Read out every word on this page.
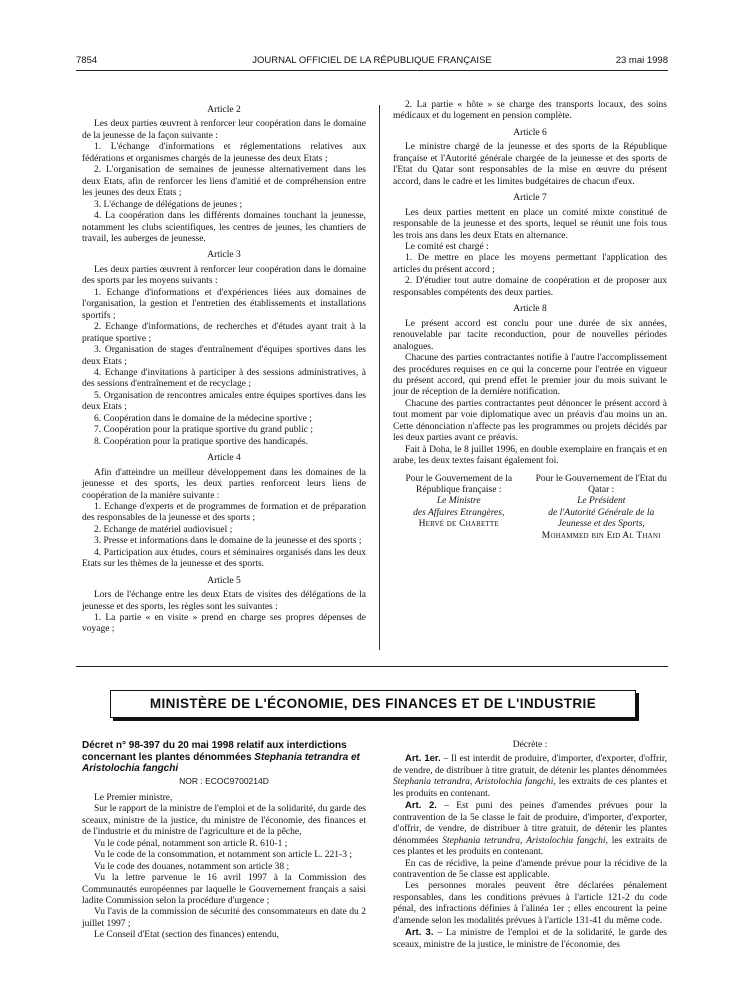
7854	JOURNAL OFFICIEL DE LA RÉPUBLIQUE FRANÇAISE	23 mai 1998

Article 2

Les deux parties œuvrent à renforcer leur coopération dans le domaine de la jeunesse de la façon suivante :

1. L'échange d'informations et réglementations relatives aux fédérations et organismes chargés de la jeunesse des deux Etats ;

2. L'organisation de semaines de jeunesse alternativement dans les deux Etats, afin de renforcer les liens d'amitié et de compréhension entre les jeunes des deux Etats ;

3. L'échange de délégations de jeunes ;

4. La coopération dans les différents domaines touchant la jeunesse, notamment les clubs scientifiques, les centres de jeunes, les chantiers de travail, les auberges de jeunesse.

Article 3

Les deux parties œuvrent à renforcer leur coopération dans le domaine des sports par les moyens suivants :

1. Echange d'informations et d'expériences liées aux domaines de l'organisation, la gestion et l'entretien des établissements et installations sportifs ;

2. Echange d'informations, de recherches et d'études ayant trait à la pratique sportive ;

3. Organisation de stages d'entraînement d'équipes sportives dans les deux Etats ;

4. Echange d'invitations à participer à des sessions administratives, à des sessions d'entraînement et de recyclage ;

5. Organisation de rencontres amicales entre équipes sportives dans les deux Etats ;

6. Coopération dans le domaine de la médecine sportive ;

7. Coopération pour la pratique sportive du grand public ;

8. Coopération pour la pratique sportive des handicapés.

Article 4

Afin d'atteindre un meilleur développement dans les domaines de la jeunesse et des sports, les deux parties renforcent leurs liens de coopération de la manière suivante :

1. Echange d'experts et de programmes de formation et de préparation des responsables de la jeunesse et des sports ;

2. Echange de matériel audiovisuel ;

3. Presse et informations dans le domaine de la jeunesse et des sports ;

4. Participation aux études, cours et séminaires organisés dans les deux Etats sur les thèmes de la jeunesse et des sports.

Article 5

Lors de l'échange entre les deux Etats de visites des délégations de la jeunesse et des sports, les règles sont les suivantes :

1. La partie « en visite » prend en charge ses propres dépenses de voyage ;

2. La partie « hôte » se charge des transports locaux, des soins médicaux et du logement en pension complète.

Article 6

Le ministre chargé de la jeunesse et des sports de la République française et l'Autorité générale chargée de la jeunesse et des sports de l'Etat du Qatar sont responsables de la mise en œuvre du présent accord, dans le cadre et les limites budgétaires de chacun d'eux.

Article 7

Les deux parties mettent en place un comité mixte constitué de responsable de la jeunesse et des sports, lequel se réunit une fois tous les trois ans dans les deux Etats en alternance.

Le comité est chargé :

1. De mettre en place les moyens permettant l'application des articles du présent accord ;

2. D'étudier tout autre domaine de coopération et de proposer aux responsables compétents des deux parties.

Article 8

Le présent accord est conclu pour une durée de six années, renouvelable par tacite reconduction, pour de nouvelles périodes analogues.

Chacune des parties contractantes notifie à l'autre l'accomplissement des procédures requises en ce qui la concerne pour l'entrée en vigueur du présent accord, qui prend effet le premier jour du mois suivant le jour de réception de la dernière notification.

Chacune des parties contractantes peut dénoncer le présent accord à tout moment par voie diplomatique avec un préavis d'au moins un an. Cette dénonciation n'affecte pas les programmes ou projets décidés par les deux parties avant ce préavis.

Fait à Doha, le 8 juillet 1996, en double exemplaire en français et en arabe, les deux textes faisant également foi.

Pour le Gouvernement de la République française :
Le Ministre
des Affaires Etrangères,
Hervé de Charette
Pour le Gouvernement de l'Etat du Qatar :
Le Président
de l'Autorité Générale de la Jeunesse et des Sports,
Mohammed bin Eid Al Thani
MINISTÈRE DE L'ÉCONOMIE, DES FINANCES ET DE L'INDUSTRIE

Décret n° 98-397 du 20 mai 1998 relatif aux interdictions concernant les plantes dénommées Stephania tetrandra et Aristolochia fangchi

NOR : ECOC9700214D

Le Premier ministre,

Sur le rapport de la ministre de l'emploi et de la solidarité, du garde des sceaux, ministre de la justice, du ministre de l'économie, des finances et de l'industrie et du ministre de l'agriculture et de la pêche,

Vu le code pénal, notamment son article R. 610-1 ;

Vu le code de la consommation, et notamment son article L. 221-3 ;

Vu le code des douanes, notamment son article 38 ;

Vu la lettre parvenue le 16 avril 1997 à la Commission des Communautés européennes par laquelle le Gouvernement français a saisi ladite Commission selon la procédure d'urgence ;

Vu l'avis de la commission de sécurité des consommateurs en date du 2 juillet 1997 ;

Le Conseil d'Etat (section des finances) entendu,

Décrète :

Art. 1er. – Il est interdit de produire, d'importer, d'exporter, d'offrir, de vendre, de distribuer à titre gratuit, de détenir les plantes dénommées Stephania tetrandra, Aristolochia fangchi, les extraits de ces plantes et les produits en contenant.

Art. 2. – Est puni des peines d'amendes prévues pour la contravention de la 5e classe le fait de produire, d'importer, d'exporter, d'offrir, de vendre, de distribuer à titre gratuit, de détenir les plantes dénommées Stephania tetrandra, Aristolochia fangchi, les extraits de ces plantes et les produits en contenant.

En cas de récidive, la peine d'amende prévue pour la récidive de la contravention de 5e classe est applicable.

Les personnes morales peuvent être déclarées pénalement responsables, dans les conditions prévues à l'article 121-2 du code pénal, des infractions définies à l'alinéa 1er ; elles encourent la peine d'amende selon les modalités prévues à l'article 131-41 du même code.

Art. 3. – La ministre de l'emploi et de la solidarité, le garde des sceaux, ministre de la justice, le ministre de l'économie, des
